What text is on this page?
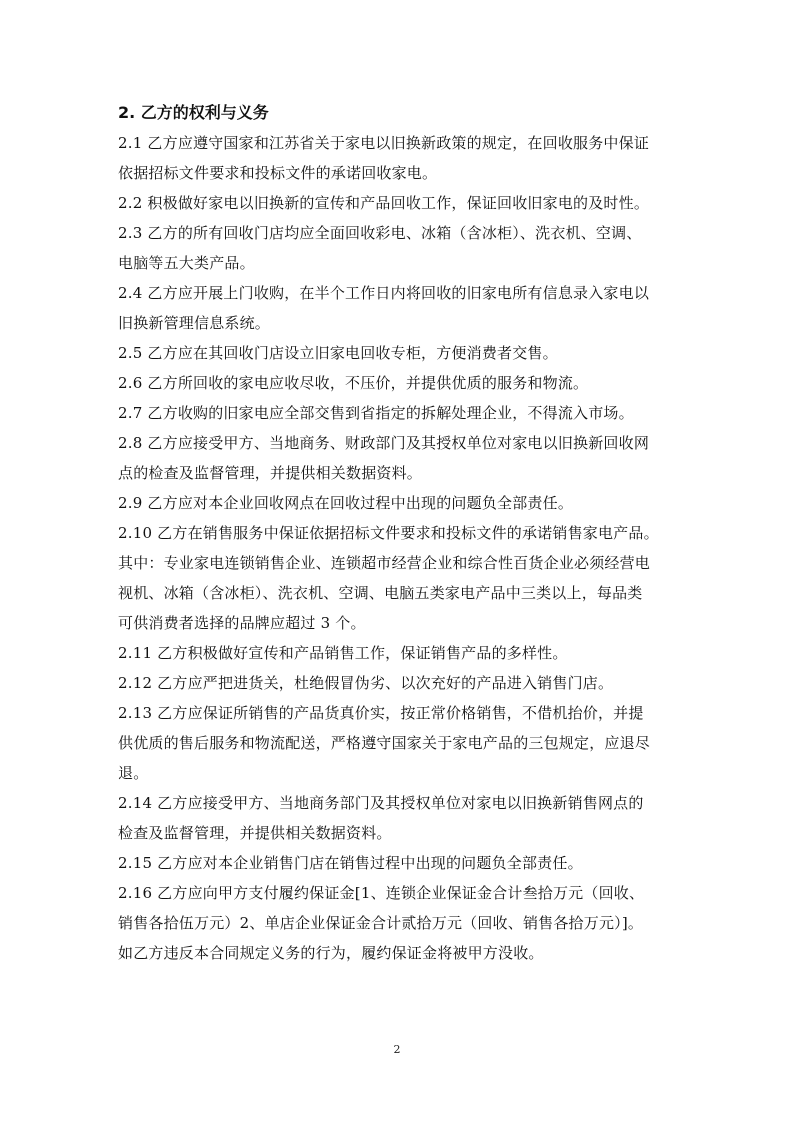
2. 乙方的权利与义务
2.1 乙方应遵守国家和江苏省关于家电以旧换新政策的规定，在回收服务中保证
依据招标文件要求和投标文件的承诺回收家电。
2.2 积极做好家电以旧换新的宣传和产品回收工作，保证回收旧家电的及时性。
2.3 乙方的所有回收门店均应全面回收彩电、冰箱（含冰柜）、洗衣机、空调、
电脑等五大类产品。
2.4 乙方应开展上门收购，在半个工作日内将回收的旧家电所有信息录入家电以
旧换新管理信息系统。
2.5 乙方应在其回收门店设立旧家电回收专柜，方便消费者交售。
2.6 乙方所回收的家电应收尽收，不压价，并提供优质的服务和物流。
2.7 乙方收购的旧家电应全部交售到省指定的拆解处理企业，不得流入市场。
2.8 乙方应接受甲方、当地商务、财政部门及其授权单位对家电以旧换新回收网
点的检查及监督管理，并提供相关数据资料。
2.9 乙方应对本企业回收网点在回收过程中出现的问题负全部责任。
2.10 乙方在销售服务中保证依据招标文件要求和投标文件的承诺销售家电产品。
其中：专业家电连锁销售企业、连锁超市经营企业和综合性百货企业必须经营电
视机、冰箱（含冰柜）、洗衣机、空调、电脑五类家电产品中三类以上，每品类
可供消费者选择的品牌应超过 3 个。
2.11 乙方积极做好宣传和产品销售工作，保证销售产品的多样性。
2.12 乙方应严把进货关，杜绝假冒伪劣、以次充好的产品进入销售门店。
2.13 乙方应保证所销售的产品货真价实，按正常价格销售，不借机抬价，并提
供优质的售后服务和物流配送，严格遵守国家关于家电产品的三包规定，应退尽
退。
2.14 乙方应接受甲方、当地商务部门及其授权单位对家电以旧换新销售网点的
检查及监督管理，并提供相关数据资料。
2.15 乙方应对本企业销售门店在销售过程中出现的问题负全部责任。
2.16 乙方应向甲方支付履约保证金[1、连锁企业保证金合计叁拾万元（回收、
销售各拾伍万元）2、单店企业保证金合计贰拾万元（回收、销售各拾万元）]。
如乙方违反本合同规定义务的行为，履约保证金将被甲方没收。
2
